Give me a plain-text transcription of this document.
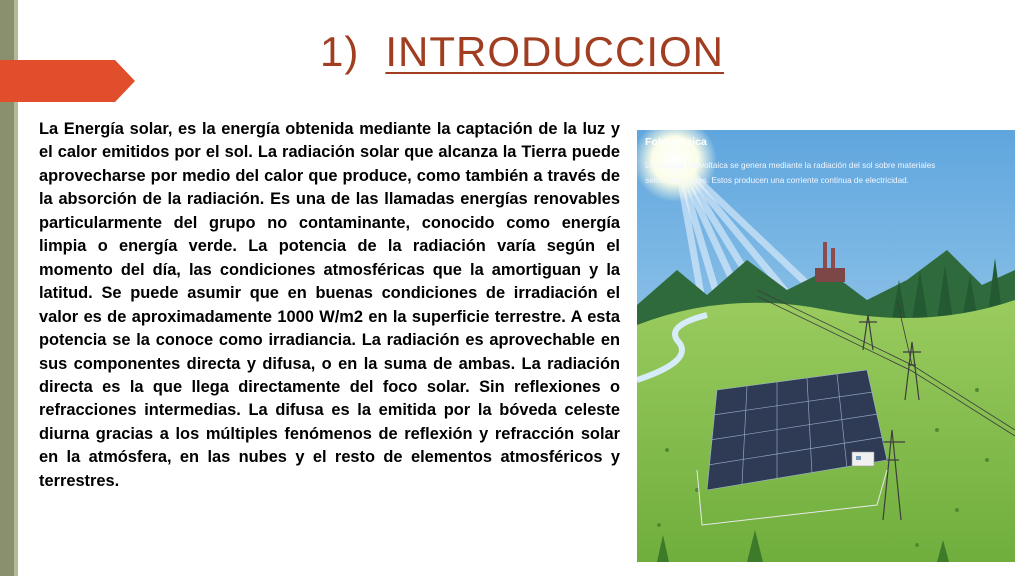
1) INTRODUCCION

La Energía solar, es la energía obtenida mediante la captación de la luz y el calor emitidos por el sol. La radiación solar que alcanza la Tierra puede aprovecharse por medio del calor que produce, como también a través de la absorción de la radiación. Es una de las llamadas energías renovables particularmente del grupo no contaminante, conocido como energía limpia o energía verde. La potencia de la radiación varía según el momento del día, las condiciones atmosféricas que la amortiguan y la latitud. Se puede asumir que en buenas condiciones de irradiación el valor es de aproximadamente 1000 W/m2 en la superficie terrestre. A esta potencia se la conoce como irradiancia. La radiación es aprovechable en sus componentes directa y difusa, o en la suma de ambas. La radiación directa es la que llega directamente del foco solar. Sin reflexiones o refracciones intermedias. La difusa es la emitida por la bóveda celeste diurna gracias a los múltiples fenómenos de reflexión y refracción solar en la atmósfera, en las nubes y el resto de elementos atmosféricos y terrestres.

Fotovoltaica
La energía fotovoltaica se genera mediante la radiación del sol sobre materiales semiconductores. Estos producen una corriente continua de electricidad.
